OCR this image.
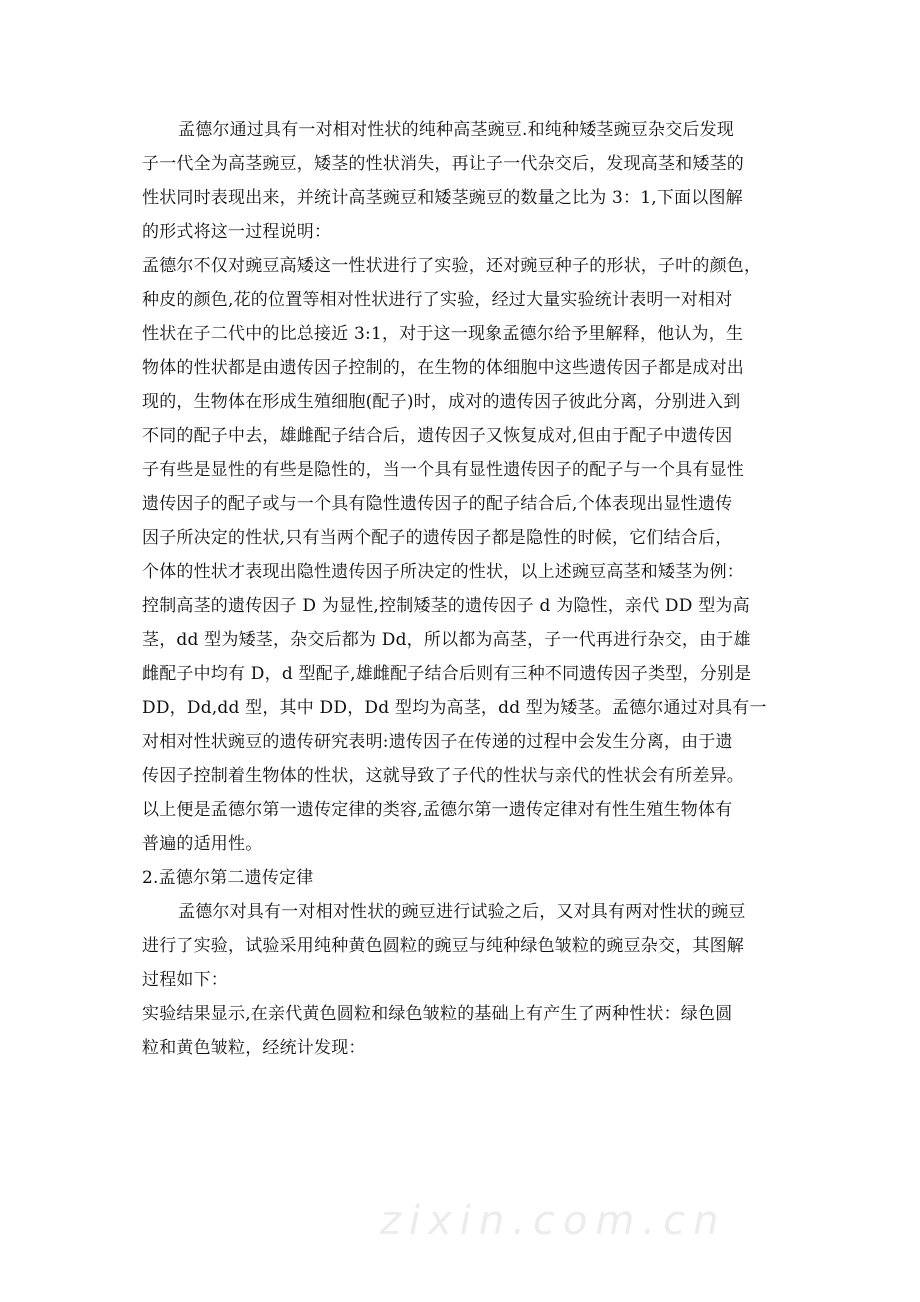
孟德尔通过具有一对相对性状的纯种高茎豌豆.和纯种矮茎豌豆杂交后发现
子一代全为高茎豌豆，矮茎的性状消失，再让子一代杂交后，发现高茎和矮茎的
性状同时表现出来，并统计高茎豌豆和矮茎豌豆的数量之比为 3：1,下面以图解
的形式将这一过程说明：
孟德尔不仅对豌豆高矮这一性状进行了实验，还对豌豆种子的形状，子叶的颜色，
种皮的颜色,花的位置等相对性状进行了实验，经过大量实验统计表明一对相对
性状在子二代中的比总接近 3:1，对于这一现象孟德尔给予里解释，他认为，生
物体的性状都是由遗传因子控制的，在生物的体细胞中这些遗传因子都是成对出
现的，生物体在形成生殖细胞(配子)时，成对的遗传因子彼此分离，分别进入到
不同的配子中去，雄雌配子结合后，遗传因子又恢复成对,但由于配子中遗传因
子有些是显性的有些是隐性的，当一个具有显性遗传因子的配子与一个具有显性
遗传因子的配子或与一个具有隐性遗传因子的配子结合后,个体表现出显性遗传
因子所决定的性状,只有当两个配子的遗传因子都是隐性的时候，它们结合后，
个体的性状才表现出隐性遗传因子所决定的性状，以上述豌豆高茎和矮茎为例：
控制高茎的遗传因子 D 为显性,控制矮茎的遗传因子 d 为隐性，亲代 DD 型为高
茎，dd 型为矮茎，杂交后都为 Dd，所以都为高茎，子一代再进行杂交，由于雄
雌配子中均有 D，d 型配子,雄雌配子结合后则有三种不同遗传因子类型，分别是
DD，Dd,dd 型，其中 DD，Dd 型均为高茎，dd 型为矮茎。孟德尔通过对具有一
对相对性状豌豆的遗传研究表明:遗传因子在传递的过程中会发生分离，由于遗
传因子控制着生物体的性状，这就导致了子代的性状与亲代的性状会有所差异。
以上便是孟德尔第一遗传定律的类容,孟德尔第一遗传定律对有性生殖生物体有
普遍的适用性。
2.孟德尔第二遗传定律
孟德尔对具有一对相对性状的豌豆进行试验之后，又对具有两对性状的豌豆
进行了实验，试验采用纯种黄色圆粒的豌豆与纯种绿色皱粒的豌豆杂交，其图解
过程如下：
实验结果显示,在亲代黄色圆粒和绿色皱粒的基础上有产生了两种性状：绿色圆
粒和黄色皱粒，经统计发现：
zixin.com.cn
